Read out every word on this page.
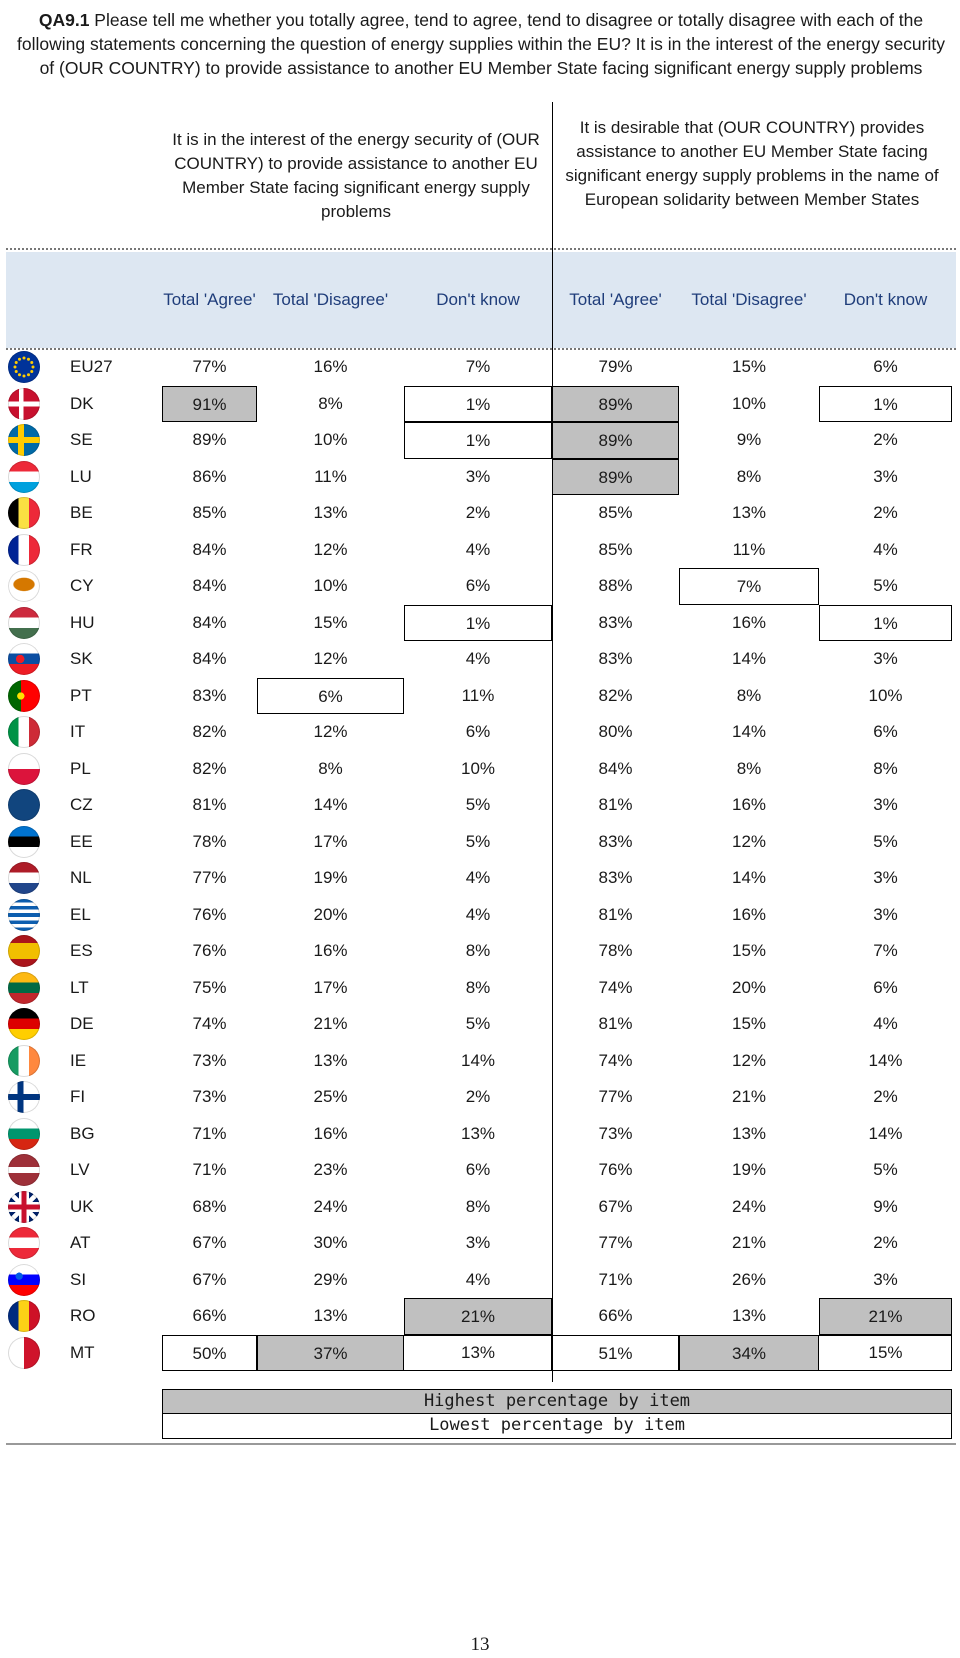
QA9.1 Please tell me whether you totally agree, tend to agree, tend to disagree or totally disagree with each of the following statements concerning the question of energy supplies within the EU? It is in the interest of the energy security of (OUR COUNTRY) to provide assistance to another EU Member State facing significant energy supply problems

It is in the interest of the energy security of (OUR COUNTRY) to provide assistance to another EU Member State facing significant energy supply problems
It is desirable that (OUR COUNTRY) provides assistance to another EU Member State facing significant energy supply problems in the name of European solidarity between Member States
Total 'Agree'	Total 'Disagree'	Don't know	Total 'Agree'	Total 'Disagree'	Don't know
EU27	77%	16%	7%	79%	15%	6%
DK	91%	8%	1%	89%	10%	1%
SE	89%	10%	1%	89%	9%	2%
LU	86%	11%	3%	89%	8%	3%
BE	85%	13%	2%	85%	13%	2%
FR	84%	12%	4%	85%	11%	4%
CY	84%	10%	6%	88%	7%	5%
HU	84%	15%	1%	83%	16%	1%
SK	84%	12%	4%	83%	14%	3%
PT	83%	6%	11%	82%	8%	10%
IT	82%	12%	6%	80%	14%	6%
PL	82%	8%	10%	84%	8%	8%
CZ	81%	14%	5%	81%	16%	3%
EE	78%	17%	5%	83%	12%	5%
NL	77%	19%	4%	83%	14%	3%
EL	76%	20%	4%	81%	16%	3%
ES	76%	16%	8%	78%	15%	7%
LT	75%	17%	8%	74%	20%	6%
DE	74%	21%	5%	81%	15%	4%
IE	73%	13%	14%	74%	12%	14%
FI	73%	25%	2%	77%	21%	2%
BG	71%	16%	13%	73%	13%	14%
LV	71%	23%	6%	76%	19%	5%
UK	68%	24%	8%	67%	24%	9%
AT	67%	30%	3%	77%	21%	2%
SI	67%	29%	4%	71%	26%	3%
RO	66%	13%	21%	66%	13%	21%
MT	50%	37%	13%	51%	34%	15%
Highest percentage by item
Lowest percentage by item
13
